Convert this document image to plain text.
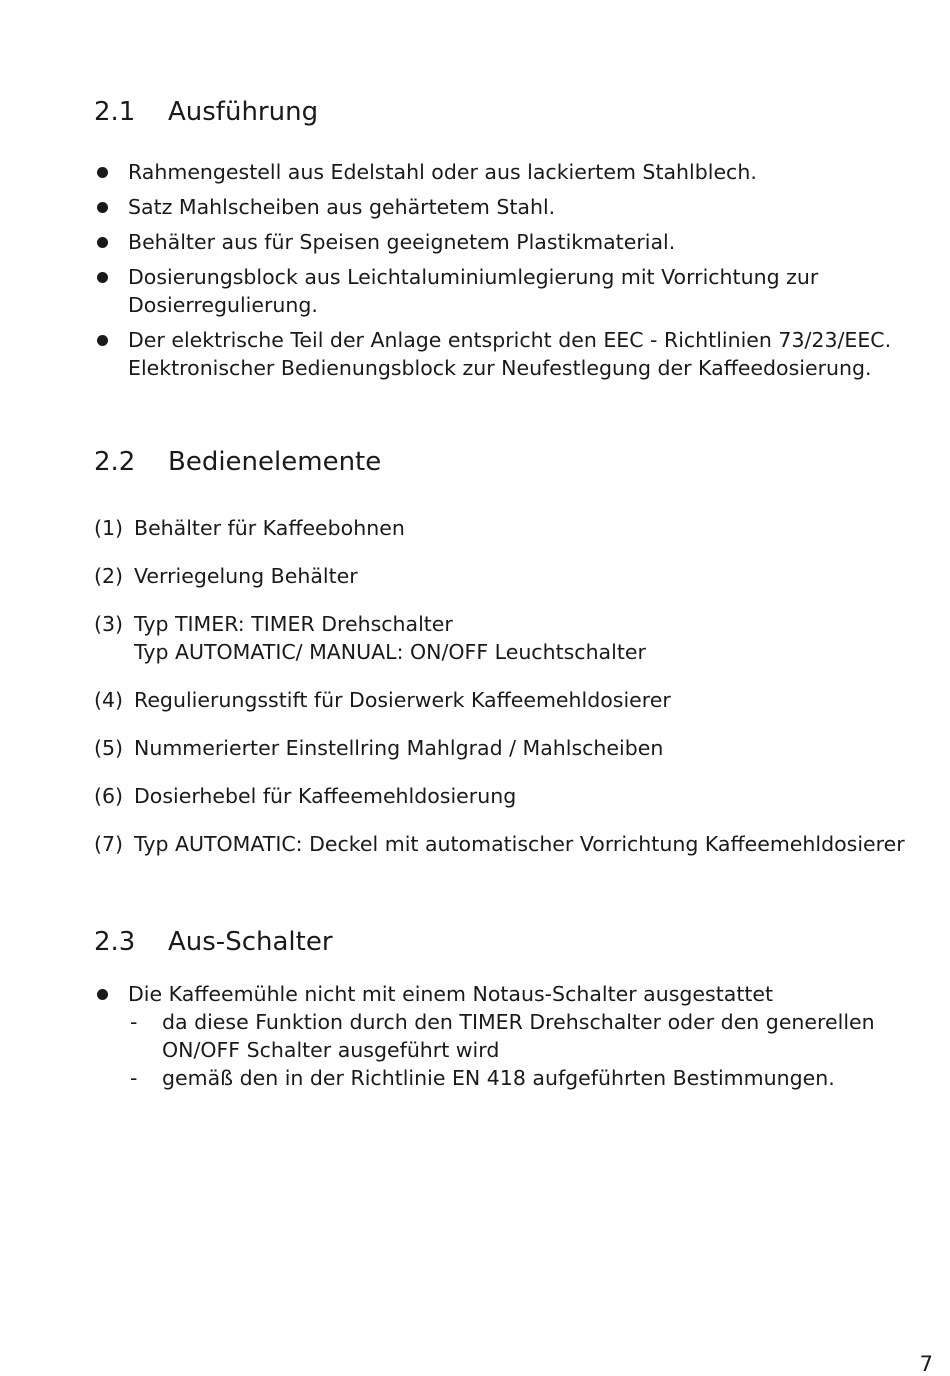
2.1	Ausführung
Rahmengestell aus Edelstahl oder aus lackiertem Stahlblech.
Satz Mahlscheiben aus gehärtetem Stahl.
Behälter aus für Speisen geeignetem Plastikmaterial.
Dosierungsblock aus Leichtaluminiumlegierung mit Vorrichtung zur Dosierregulierung.
Der elektrische Teil der Anlage entspricht den EEC - Richtlinien 73/23/EEC. Elektronischer Bedienungsblock zur Neufestlegung der Kaffeedosierung.
2.2	Bedienelemente
(1) Behälter für Kaffeebohnen
(2) Verriegelung Behälter
(3) Typ TIMER: TIMER Drehschalter
Typ AUTOMATIC/ MANUAL: ON/OFF Leuchtschalter
(4) Regulierungsstift für Dosierwerk Kaffeemehldosierer
(5) Nummerierter Einstellring Mahlgrad / Mahlscheiben
(6) Dosierhebel für Kaffeemehldosierung
(7) Typ AUTOMATIC: Deckel mit automatischer Vorrichtung Kaffeemehldosierer
2.3	Aus-Schalter
Die Kaffeemühle nicht mit einem Notaus-Schalter ausgestattet
- da diese Funktion durch den TIMER Drehschalter oder den generellen ON/OFF Schalter ausgeführt wird
- gemäß den in der Richtlinie EN 418 aufgeführten Bestimmungen.
7
